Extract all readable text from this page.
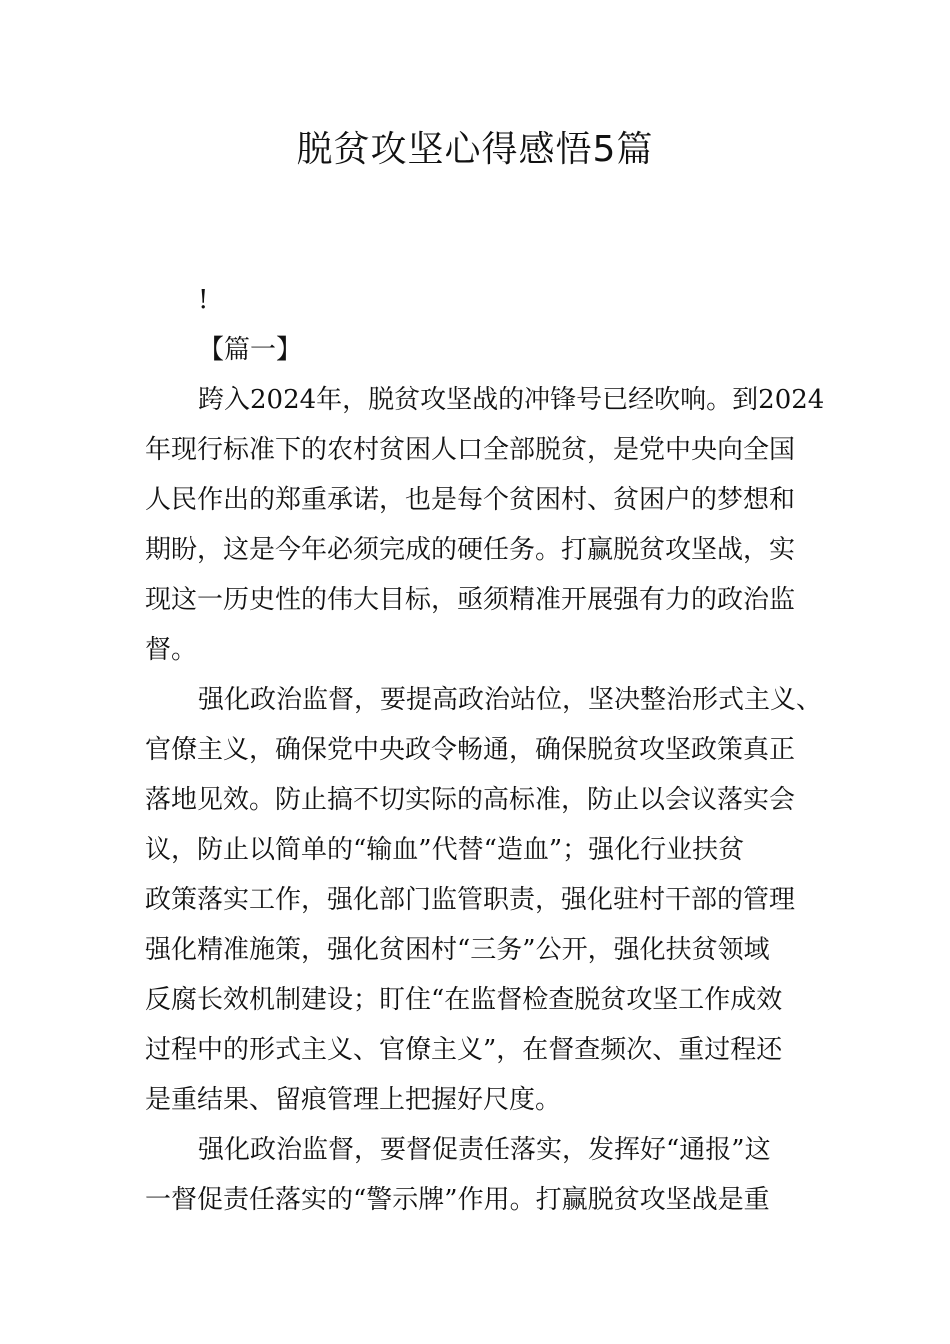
脱贫攻坚心得感悟5篇
!
【篇一】
跨入2024年，脱贫攻坚战的冲锋号已经吹响。到2024
年现行标准下的农村贫困人口全部脱贫，是党中央向全国
人民作出的郑重承诺，也是每个贫困村、贫困户的梦想和
期盼，这是今年必须完成的硬任务。打赢脱贫攻坚战，实
现这一历史性的伟大目标，亟须精准开展强有力的政治监
督。
强化政治监督，要提高政治站位，坚决整治形式主义、
官僚主义，确保党中央政令畅通，确保脱贫攻坚政策真正
落地见效。防止搞不切实际的高标准，防止以会议落实会
议，防止以简单的“输血”代替“造血”；强化行业扶贫
政策落实工作，强化部门监管职责，强化驻村干部的管理
强化精准施策，强化贫困村“三务”公开，强化扶贫领域
反腐长效机制建设；盯住“在监督检查脱贫攻坚工作成效
过程中的形式主义、官僚主义”，在督查频次、重过程还
是重结果、留痕管理上把握好尺度。
强化政治监督，要督促责任落实，发挥好“通报”这
一督促责任落实的“警示牌”作用。打赢脱贫攻坚战是重
